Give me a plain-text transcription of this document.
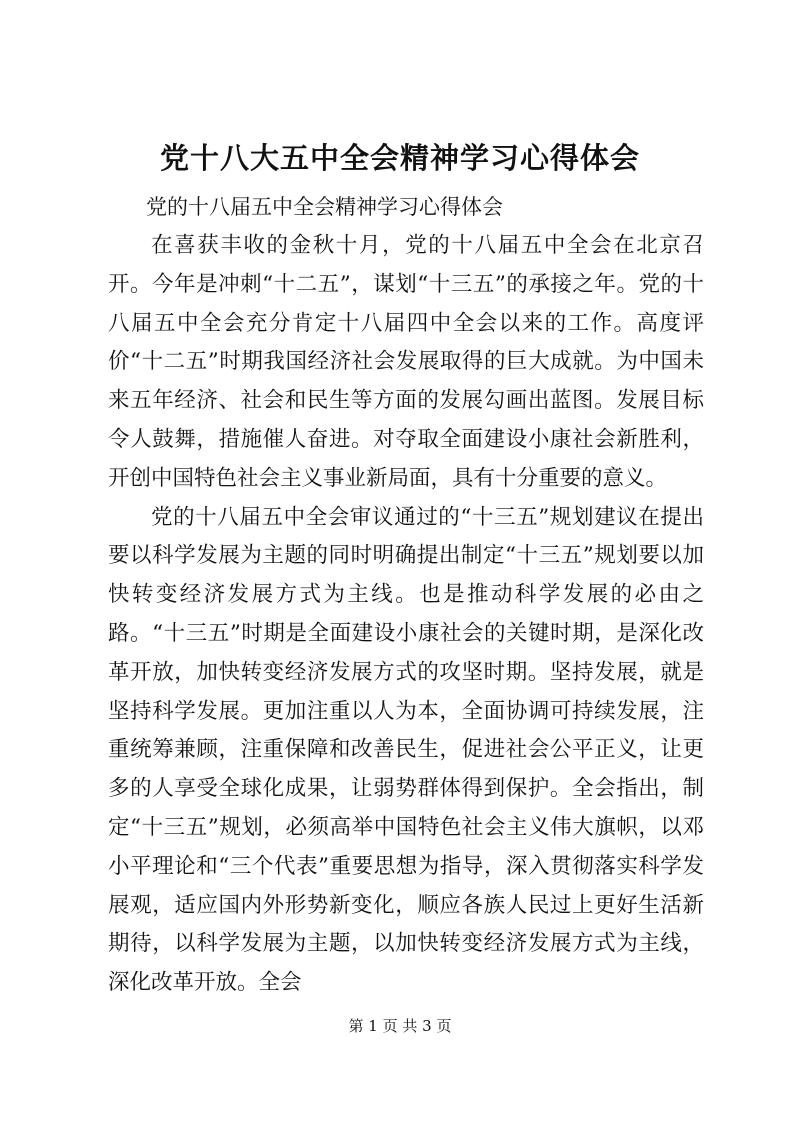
党十八大五中全会精神学习心得体会

党的十八届五中全会精神学习心得体会

在喜获丰收的金秋十月，党的十八届五中全会在北京召开。今年是冲刺“十二五”，谋划“十三五”的承接之年。党的十八届五中全会充分肯定十八届四中全会以来的工作。高度评价“十二五”时期我国经济社会发展取得的巨大成就。为中国未来五年经济、社会和民生等方面的发展勾画出蓝图。发展目标令人鼓舞，措施催人奋进。对夺取全面建设小康社会新胜利，开创中国特色社会主义事业新局面，具有十分重要的意义。

党的十八届五中全会审议通过的“十三五”规划建议在提出要以科学发展为主题的同时明确提出制定“十三五”规划要以加快转变经济发展方式为主线。也是推动科学发展的必由之路。“十三五”时期是全面建设小康社会的关键时期，是深化改革开放，加快转变经济发展方式的攻坚时期。坚持发展，就是坚持科学发展。更加注重以人为本，全面协调可持续发展，注重统筹兼顾，注重保障和改善民生，促进社会公平正义，让更多的人享受全球化成果，让弱势群体得到保护。全会指出，制定“十三五”规划，必须高举中国特色社会主义伟大旗帜，以邓小平理论和“三个代表”重要思想为指导，深入贯彻落实科学发展观，适应国内外形势新变化，顺应各族人民过上更好生活新期待，以科学发展为主题，以加快转变经济发展方式为主线，深化改革开放。全会

第 1 页 共 3 页
